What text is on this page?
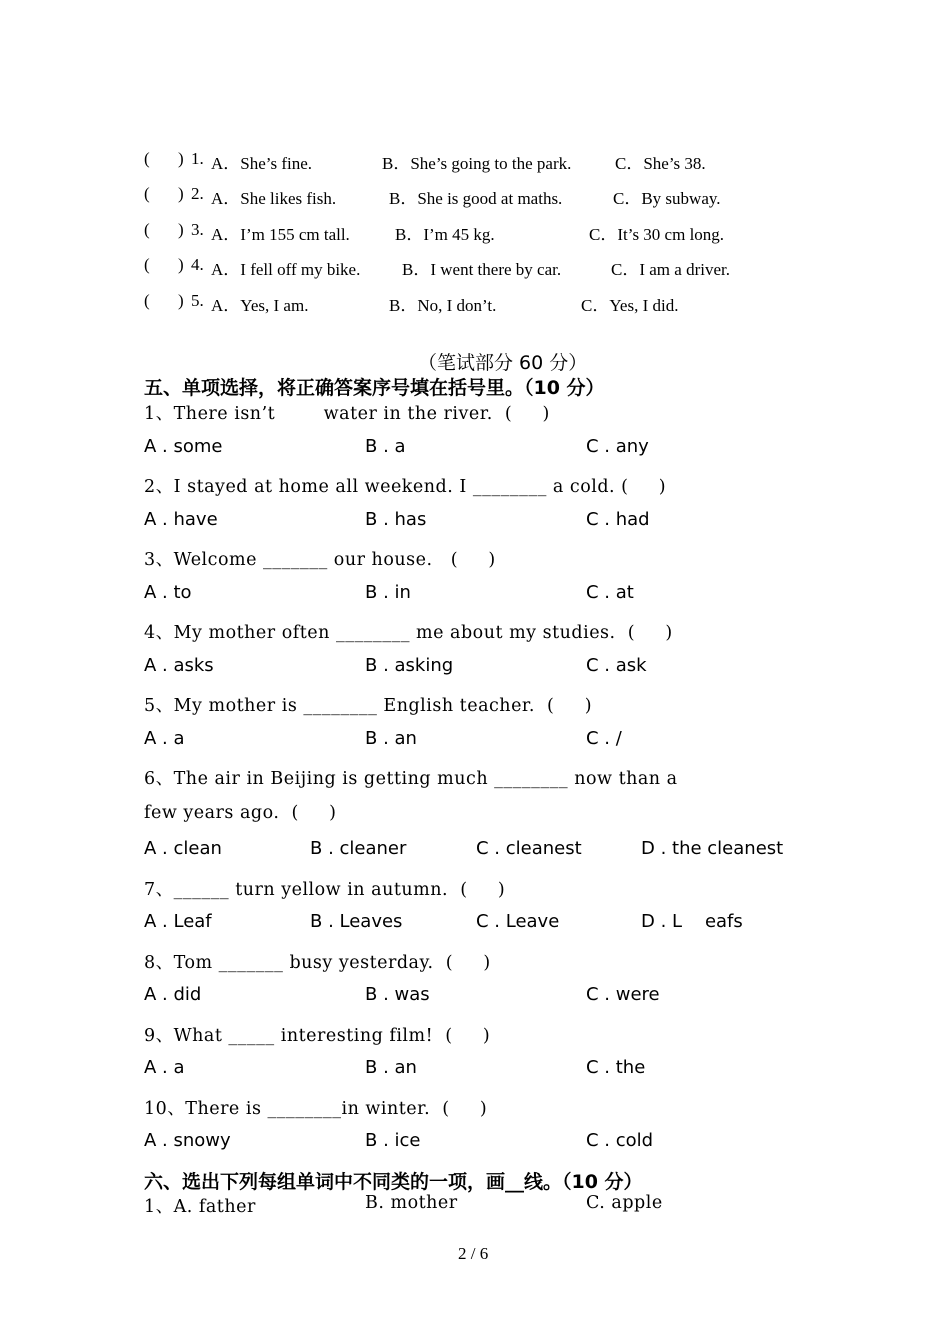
( ) 1. A．She’s fine.	B．She’s going to the park.	C．She’s 38.
( ) 2. A．She likes fish.	B．She is good at maths.	C．By subway.
( ) 3. A．I’m 155 cm tall.	B．I’m 45 kg.	C．It’s 30 cm long.
( ) 4. A．I fell off my bike. B．I went there by car.	C．I am a driver.
( ) 5. A．Yes, I am.	B．No, I don’t.	C．Yes, I did.
（笔试部分 60 分）
五、单项选择，将正确答案序号填在括号里。（10 分）
1、There isn’t        water in the river.  (     )
A . some	B . a	C . any
2、I stayed at home all weekend. I ________ a cold. (     )
A . have	B . has	C . had
3、Welcome _______ our house.   (     )
A . to	B . in	C . at
4、My mother often ________ me about my studies.  (     )
A . asks	B . asking	C . ask
5、My mother is ________ English teacher.  (     )
A . a	B . an	C . /
6、The air in Beijing is getting much ________ now than a
few years ago.  (     )
A . clean	B . cleaner	C . cleanest	D . the cleanest
7、______ turn yellow in autumn.  (     )
A . Leaf	B . Leaves	C . Leave	D . L    eafs
8、Tom _______ busy yesterday.  (     )
A . did	B . was	C . were
9、What _____ interesting film!  (     )
A . a	B . an	C . the
10、There is ________in winter.  (     )
A . snowy	B . ice	C . cold
六、选出下列每组单词中不同类的一项，画__线。（10 分）
1、A. father	B. mother	C. apple
2 / 6
